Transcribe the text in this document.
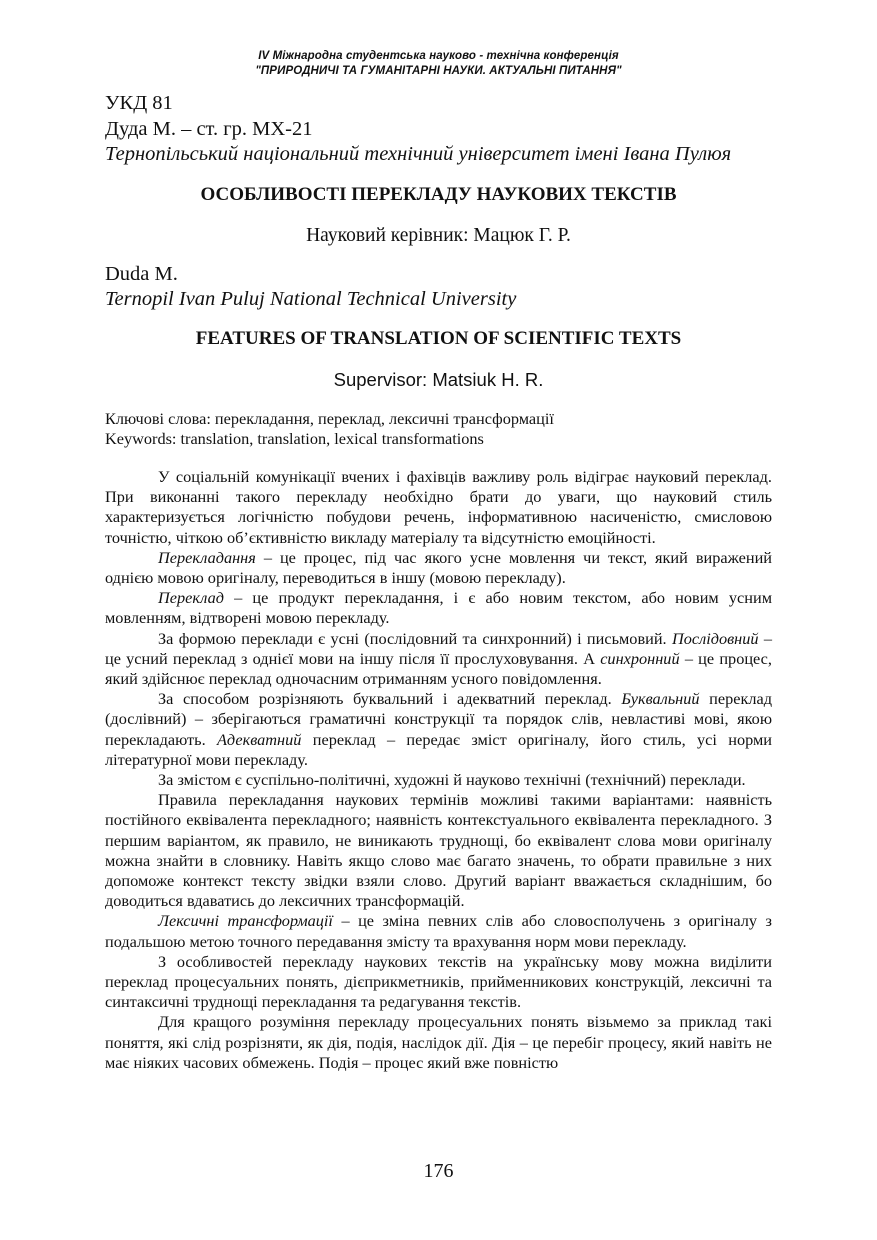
IV Міжнародна студентська науково - технічна конференція
"ПРИРОДНИЧІ ТА ГУМАНІТАРНІ НАУКИ. АКТУАЛЬНІ ПИТАННЯ"
УКД 81
Дуда М. – ст. гр. МХ-21
Тернопільський національний технічний університет імені Івана Пулюя
ОСОБЛИВОСТІ ПЕРЕКЛАДУ НАУКОВИХ ТЕКСТІВ
Науковий керівник: Мацюк Г. Р.
Duda M.
Ternopil Ivan Puluj National Technical University
FEATURES OF TRANSLATION OF SCIENTIFIC TEXTS
Supervisor: Matsiuk H. R.
Ключові слова: перекладання, переклад, лексичні трансформації
Keywords: translation, translation, lexical transformations

У соціальній комунікації вчених і фахівців важливу роль відіграє науковий переклад. При виконанні такого перекладу необхідно брати до уваги, що науковий стиль характеризується логічністю побудови речень, інформативною насиченістю, смисловою точністю, чіткою об’єктивністю викладу матеріалу та відсутністю емоційності.

Перекладання – це процес, під час якого усне мовлення чи текст, який виражений однією мовою оригіналу, переводиться в іншу (мовою перекладу).

Переклад – це продукт перекладання, і є або новим текстом, або новим усним мовленням, відтворені мовою перекладу.

За формою переклади є усні (послідовний та синхронний) і письмовий. Послідовний – це усний переклад з однієї мови на іншу після її прослуховування. А синхронний – це процес, який здійснює переклад одночасним отриманням усного повідомлення.

За способом розрізняють буквальний і адекватний переклад. Буквальний переклад (дослівний) – зберігаються граматичні конструкції та порядок слів, невластиві мові, якою перекладають. Адекватний переклад – передає зміст оригіналу, його стиль, усі норми літературної мови перекладу.

За змістом є суспільно-політичні, художні й науково технічні (технічний) переклади.

Правила перекладання наукових термінів можливі такими варіантами: наявність постійного еквівалента перекладного; наявність контекстуального еквівалента перекладного. З першим варіантом, як правило, не виникають труднощі, бо еквівалент слова мови оригіналу можна знайти в словнику. Навіть якщо слово має багато значень, то обрати правильне з них допоможе контекст тексту звідки взяли слово. Другий варіант вважається складнішим, бо доводиться вдаватись до лексичних трансформацій.

Лексичні трансформації – це зміна певних слів або словосполучень з оригіналу з подальшою метою точного передавання змісту та врахування норм мови перекладу.

З особливостей перекладу наукових текстів на українську мову можна виділити переклад процесуальних понять, дієприкметників, прийменникових конструкцій, лексичні та синтаксичні труднощі перекладання та редагування текстів.

Для кращого розуміння перекладу процесуальних понять візьмемо за приклад такі поняття, які слід розрізняти, як дія, подія, наслідок дії. Дія – це перебіг процесу, який навіть не має ніяких часових обмежень. Подія – процес який вже повністю

176
